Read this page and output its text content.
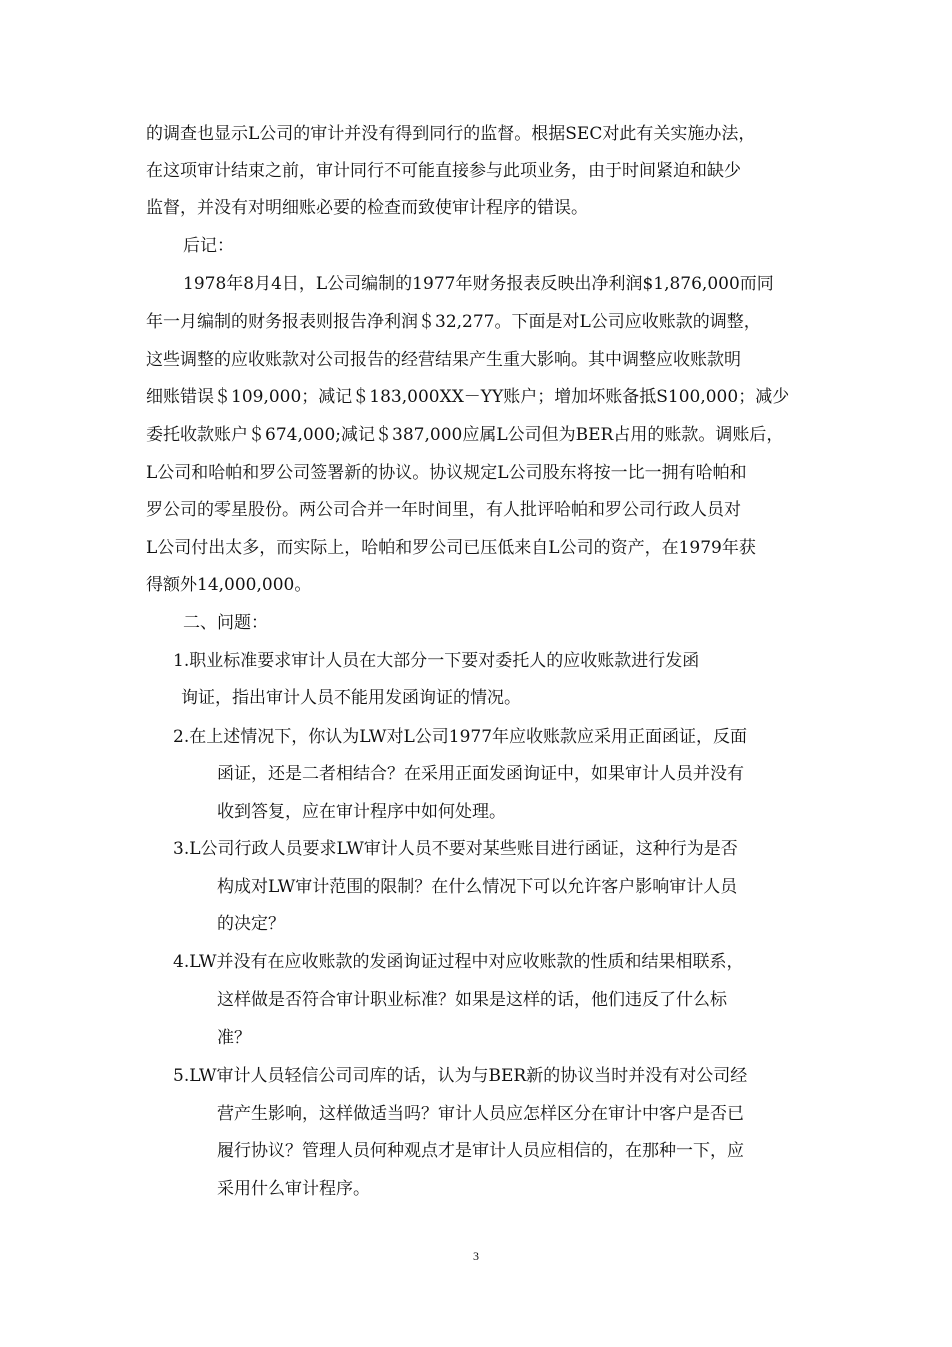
的调查也显示L公司的审计并没有得到同行的监督。根据SEC对此有关实施办法，
在这项审计结束之前，审计同行不可能直接参与此项业务，由于时间紧迫和缺少
监督，并没有对明细账必要的检查而致使审计程序的错误。
后记：
1978年8月4日，L公司编制的1977年财务报表反映出净利润$1,876,000而同
年一月编制的财务报表则报告净利润＄32,277。下面是对L公司应收账款的调整，
这些调整的应收账款对公司报告的经营结果产生重大影响。其中调整应收账款明
细账错误＄109,000；减记＄183,000XX－YY账户；增加坏账备抵S100,000；减少
委托收款账户＄674,000;减记＄387,000应属L公司但为BER占用的账款。调账后，
L公司和哈帕和罗公司签署新的协议。协议规定L公司股东将按一比一拥有哈帕和
罗公司的零星股份。两公司合并一年时间里，有人批评哈帕和罗公司行政人员对
L公司付出太多，而实际上，哈帕和罗公司已压低来自L公司的资产，在1979年获
得额外14,000,000。
二、问题：
1.职业标准要求审计人员在大部分一下要对委托人的应收账款进行发函
询证，指出审计人员不能用发函询证的情况。
2.在上述情况下，你认为LW对L公司1977年应收账款应采用正面函证，反面
函证，还是二者相结合？在采用正面发函询证中，如果审计人员并没有
收到答复，应在审计程序中如何处理。
3.L公司行政人员要求LW审计人员不要对某些账目进行函证，这种行为是否
构成对LW审计范围的限制？在什么情况下可以允许客户影响审计人员
的决定？
4.LW并没有在应收账款的发函询证过程中对应收账款的性质和结果相联系，
这样做是否符合审计职业标准？如果是这样的话，他们违反了什么标
准？
5.LW审计人员轻信公司司库的话，认为与BER新的协议当时并没有对公司经
营产生影响，这样做适当吗？审计人员应怎样区分在审计中客户是否已
履行协议？管理人员何种观点才是审计人员应相信的，在那种一下，应
采用什么审计程序。
3
